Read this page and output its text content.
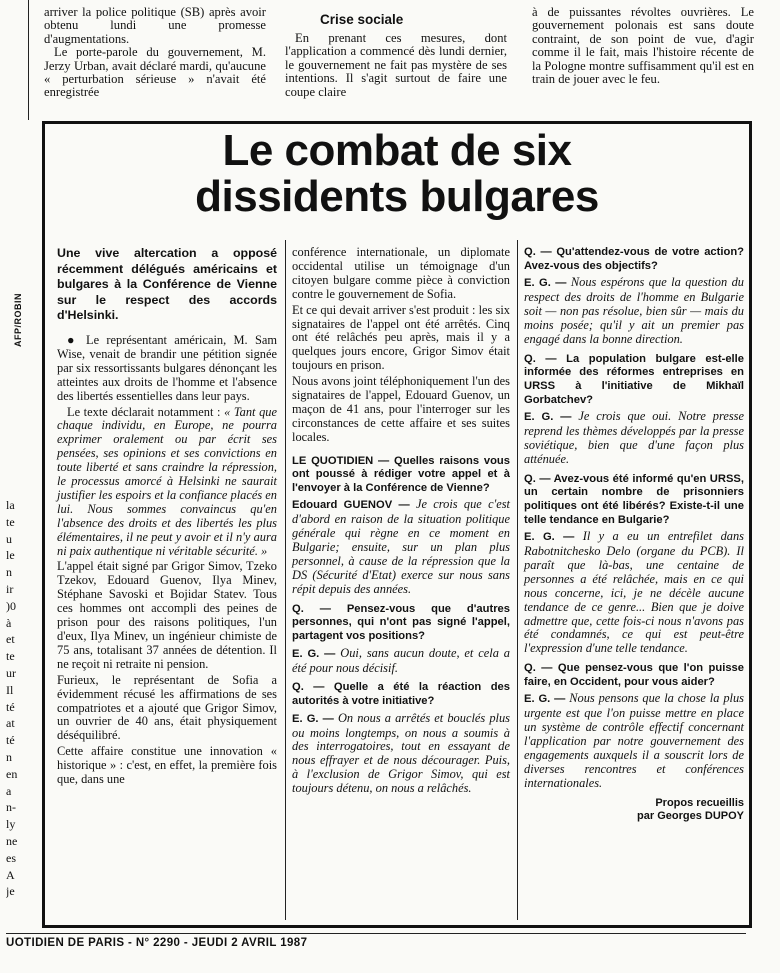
arriver la police politique (SB) après avoir obtenu lundi une promesse d'augmentations.

Le porte-parole du gouvernement, M. Jerzy Urban, avait déclaré mardi, qu'aucune « perturbation sérieuse » n'avait été enregistrée

Crise sociale

En prenant ces mesures, dont l'application a commencé dès lundi dernier, le gouvernement ne fait pas mystère de ses intentions. Il s'agit surtout de faire une coupe claire

à de puissantes révoltes ouvrières. Le gouvernement polonais est sans doute contraint, de son point de vue, d'agir comme il le fait, mais l'histoire récente de la Pologne montre suffisamment qu'il est en train de jouer avec le feu.

AFP/ROBIN
la
te
u
le
n
ir
)0
à
et
te
ur
Il
té
at
té
n
en
a
n-
ly
ne
es
A
je
Le combat de six
dissidents bulgares
Une vive altercation a opposé récemment délégués américains et bulgares à la Conférence de Vienne sur le respect des accords d'Helsinki.

● Le représentant américain, M. Sam Wise, venait de brandir une pétition signée par six ressortissants bulgares dénonçant les atteintes aux droits de l'homme et l'absence des libertés essentielles dans leur pays.

Le texte déclarait notamment : « Tant que chaque individu, en Europe, ne pourra exprimer oralement ou par écrit ses pensées, ses opinions et ses convictions en toute liberté et sans craindre la répression, le processus amorcé à Helsinki ne saurait justifier les espoirs et la confiance placés en lui. Nous sommes convaincus qu'en l'absence des droits et des libertés les plus élémentaires, il ne peut y avoir et il n'y aura ni paix authentique ni véritable sécurité. »

L'appel était signé par Grigor Simov, Tzeko Tzekov, Edouard Guenov, Ilya Minev, Stéphane Savoski et Bojidar Statev. Tous ces hommes ont accompli des peines de prison pour des raisons politiques, l'un d'eux, Ilya Minev, un ingénieur chimiste de 75 ans, totalisant 37 années de détention. Il ne reçoit ni retraite ni pension.

Furieux, le représentant de Sofia a évidemment récusé les affirmations de ses compatriotes et a ajouté que Grigor Simov, un ouvrier de 40 ans, était physiquement déséquilibré.

Cette affaire constitue une innovation « historique » : c'est, en effet, la première fois que, dans une

conférence internationale, un diplomate occidental utilise un témoignage d'un citoyen bulgare comme pièce à conviction contre le gouvernement de Sofia.

Et ce qui devait arriver s'est produit : les six signataires de l'appel ont été arrêtés. Cinq ont été relâchés peu après, mais il y a quelques jours encore, Grigor Simov était toujours en prison.

Nous avons joint téléphoniquement l'un des signataires de l'appel, Edouard Guenov, un maçon de 41 ans, pour l'interroger sur les circonstances de cette affaire et ses suites locales.

LE QUOTIDIEN — Quelles raisons vous ont poussé à rédiger votre appel et à l'envoyer à la Conférence de Vienne?
Edouard GUENOV — Je crois que c'est d'abord en raison de la situation politique générale qui règne en ce moment en Bulgarie; ensuite, sur un plan plus personnel, à cause de la répression que la DS (Sécurité d'Etat) exerce sur nous sans répit depuis des années.
Q. — Pensez-vous que d'autres personnes, qui n'ont pas signé l'appel, partagent vos positions?
E. G. — Oui, sans aucun doute, et cela a été pour nous décisif.
Q. — Quelle a été la réaction des autorités à votre initiative?
E. G. — On nous a arrêtés et bouclés plus ou moins longtemps, on nous a soumis à des interrogatoires, tout en essayant de nous effrayer et de nous décourager. Puis, à l'exclusion de Grigor Simov, qui est toujours détenu, on nous a relâchés.
Q. — Qu'attendez-vous de votre action? Avez-vous des objectifs?
E. G. — Nous espérons que la question du respect des droits de l'homme en Bulgarie soit — non pas résolue, bien sûr — mais du moins posée; qu'il y ait un premier pas engagé dans la bonne direction.
Q. — La population bulgare est-elle informée des réformes entreprises en URSS à l'initiative de Mikhaïl Gorbatchev?
E. G. — Je crois que oui. Notre presse reprend les thèmes développés par la presse soviétique, bien que d'une façon plus atténuée.
Q. — Avez-vous été informé qu'en URSS, un certain nombre de prisonniers politiques ont été libérés? Existe-t-il une telle tendance en Bulgarie?
E. G. — Il y a eu un entrefilet dans Rabotnitchesko Delo (organe du PCB). Il paraît que là-bas, une centaine de personnes a été relâchée, mais en ce qui nous concerne, ici, je ne décèle aucune tendance de ce genre... Bien que je doive admettre que, cette fois-ci nous n'avons pas été condamnés, ce qui est peut-être l'expression d'une telle tendance.
Q. — Que pensez-vous que l'on puisse faire, en Occident, pour vous aider?
E. G. — Nous pensons que la chose la plus urgente est que l'on puisse mettre en place un système de contrôle effectif concernant l'application par notre gouvernement des engagements auxquels il a souscrit lors de diverses rencontres et conférences internationales.
Propos recueillis
par Georges DUPOY
UOTIDIEN DE PARIS - N° 2290 - JEUDI 2 AVRIL 1987
